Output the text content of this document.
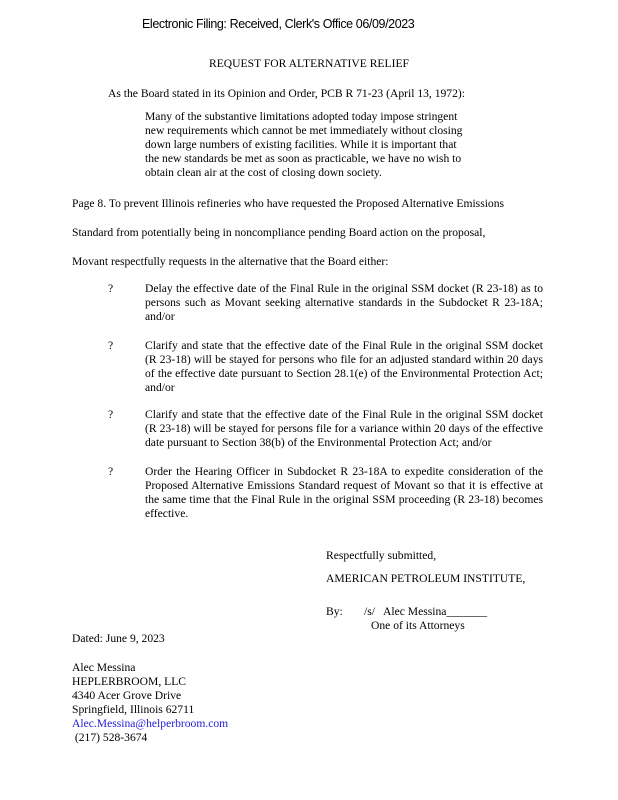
Electronic Filing: Received, Clerk's Office 06/09/2023
REQUEST FOR ALTERNATIVE RELIEF
As the Board stated in its Opinion and Order, PCB R 71-23 (April 13, 1972):
Many of the substantive limitations adopted today impose stringent
new requirements which cannot be met immediately without closing
down large numbers of existing facilities. While it is important that
the new standards be met as soon as practicable, we have no wish to
obtain clean air at the cost of closing down society.
Page 8. To prevent Illinois refineries who have requested the Proposed Alternative Emissions
Standard from potentially being in noncompliance pending Board action on the proposal,
Movant respectfully requests in the alternative that the Board either:
?	Delay the effective date of the Final Rule in the original SSM docket (R 23-18) as to persons such as Movant seeking alternative standards in the Subdocket R 23-18A; and/or
?	Clarify and state that the effective date of the Final Rule in the original SSM docket (R 23-18) will be stayed for persons who file for an adjusted standard within 20 days of the effective date pursuant to Section 28.1(e) of the Environmental Protection Act; and/or
?	Clarify and state that the effective date of the Final Rule in the original SSM docket (R 23-18) will be stayed for persons file for a variance within 20 days of the effective date pursuant to Section 38(b) of the Environmental Protection Act; and/or
?	Order the Hearing Officer in Subdocket R 23-18A to expedite consideration of the Proposed Alternative Emissions Standard request of Movant so that it is effective at the same time that the Final Rule in the original SSM proceeding (R 23-18) becomes effective.
Respectfully submitted,
AMERICAN PETROLEUM INSTITUTE,
By: /s/   Alec Messina_______
One of its Attorneys
Dated: June 9, 2023
Alec Messina
HEPLERBROOM, LLC
4340 Acer Grove Drive
Springfield, Illinois 62711
Alec.Messina@helperbroom.com
(217) 528-3674
